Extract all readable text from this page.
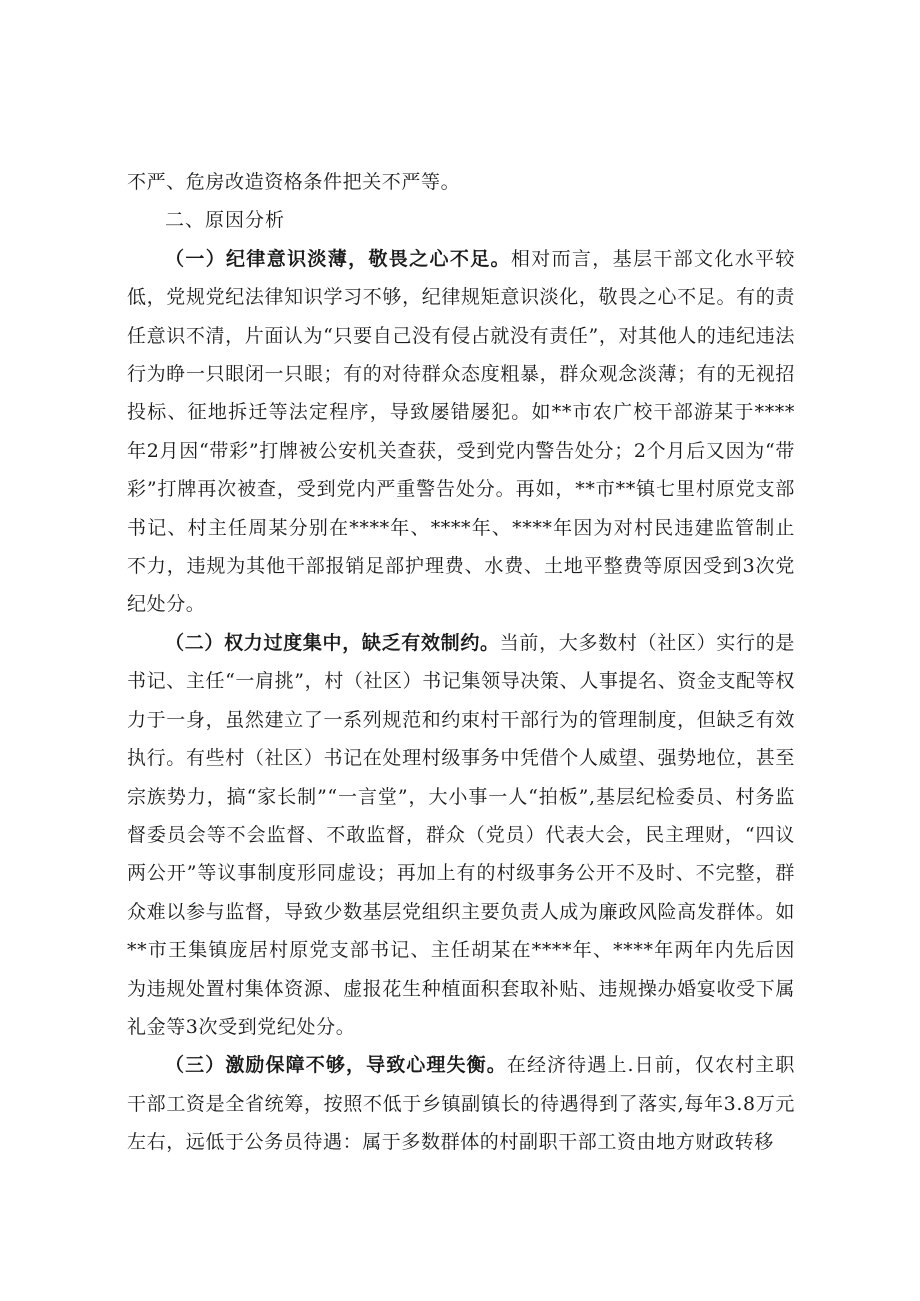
不严、危房改造资格条件把关不严等。

二、原因分析

（一）纪律意识淡薄，敬畏之心不足。相对而言，基层干部文化水平较低，党规党纪法律知识学习不够，纪律规矩意识淡化，敬畏之心不足。有的责任意识不清，片面认为“只要自己没有侵占就没有责任”，对其他人的违纪违法行为睁一只眼闭一只眼；有的对待群众态度粗暴，群众观念淡薄；有的无视招投标、征地拆迁等法定程序，导致屡错屡犯。如**市农广校干部游某于****年2月因“带彩”打牌被公安机关查获，受到党内警告处分；2个月后又因为“带彩”打牌再次被查，受到党内严重警告处分。再如，**市**镇七里村原党支部书记、村主任周某分别在****年、****年、****年因为对村民违建监管制止不力，违规为其他干部报销足部护理费、水费、土地平整费等原因受到3次党纪处分。

（二）权力过度集中，缺乏有效制约。当前，大多数村（社区）实行的是书记、主任“一肩挑”，村（社区）书记集领导决策、人事提名、资金支配等权力于一身，虽然建立了一系列规范和约束村干部行为的管理制度，但缺乏有效执行。有些村（社区）书记在处理村级事务中凭借个人威望、强势地位，甚至宗族势力，搞“家长制”“一言堂”，大小事一人“拍板”,基层纪检委员、村务监督委员会等不会监督、不敢监督，群众（党员）代表大会，民主理财，“四议两公开”等议事制度形同虚设；再加上有的村级事务公开不及时、不完整，群众难以参与监督，导致少数基层党组织主要负责人成为廉政风险高发群体。如**市王集镇庞居村原党支部书记、主任胡某在****年、****年两年内先后因为违规处置村集体资源、虚报花生种植面积套取补贴、违规操办婚宴收受下属礼金等3次受到党纪处分。

（三）激励保障不够，导致心理失衡。在经济待遇上.日前，仅农村主职干部工资是全省统筹，按照不低于乡镇副镇长的待遇得到了落实,每年3.8万元左右，远低于公务员待遇：属于多数群体的村副职干部工资由地方财政转移
